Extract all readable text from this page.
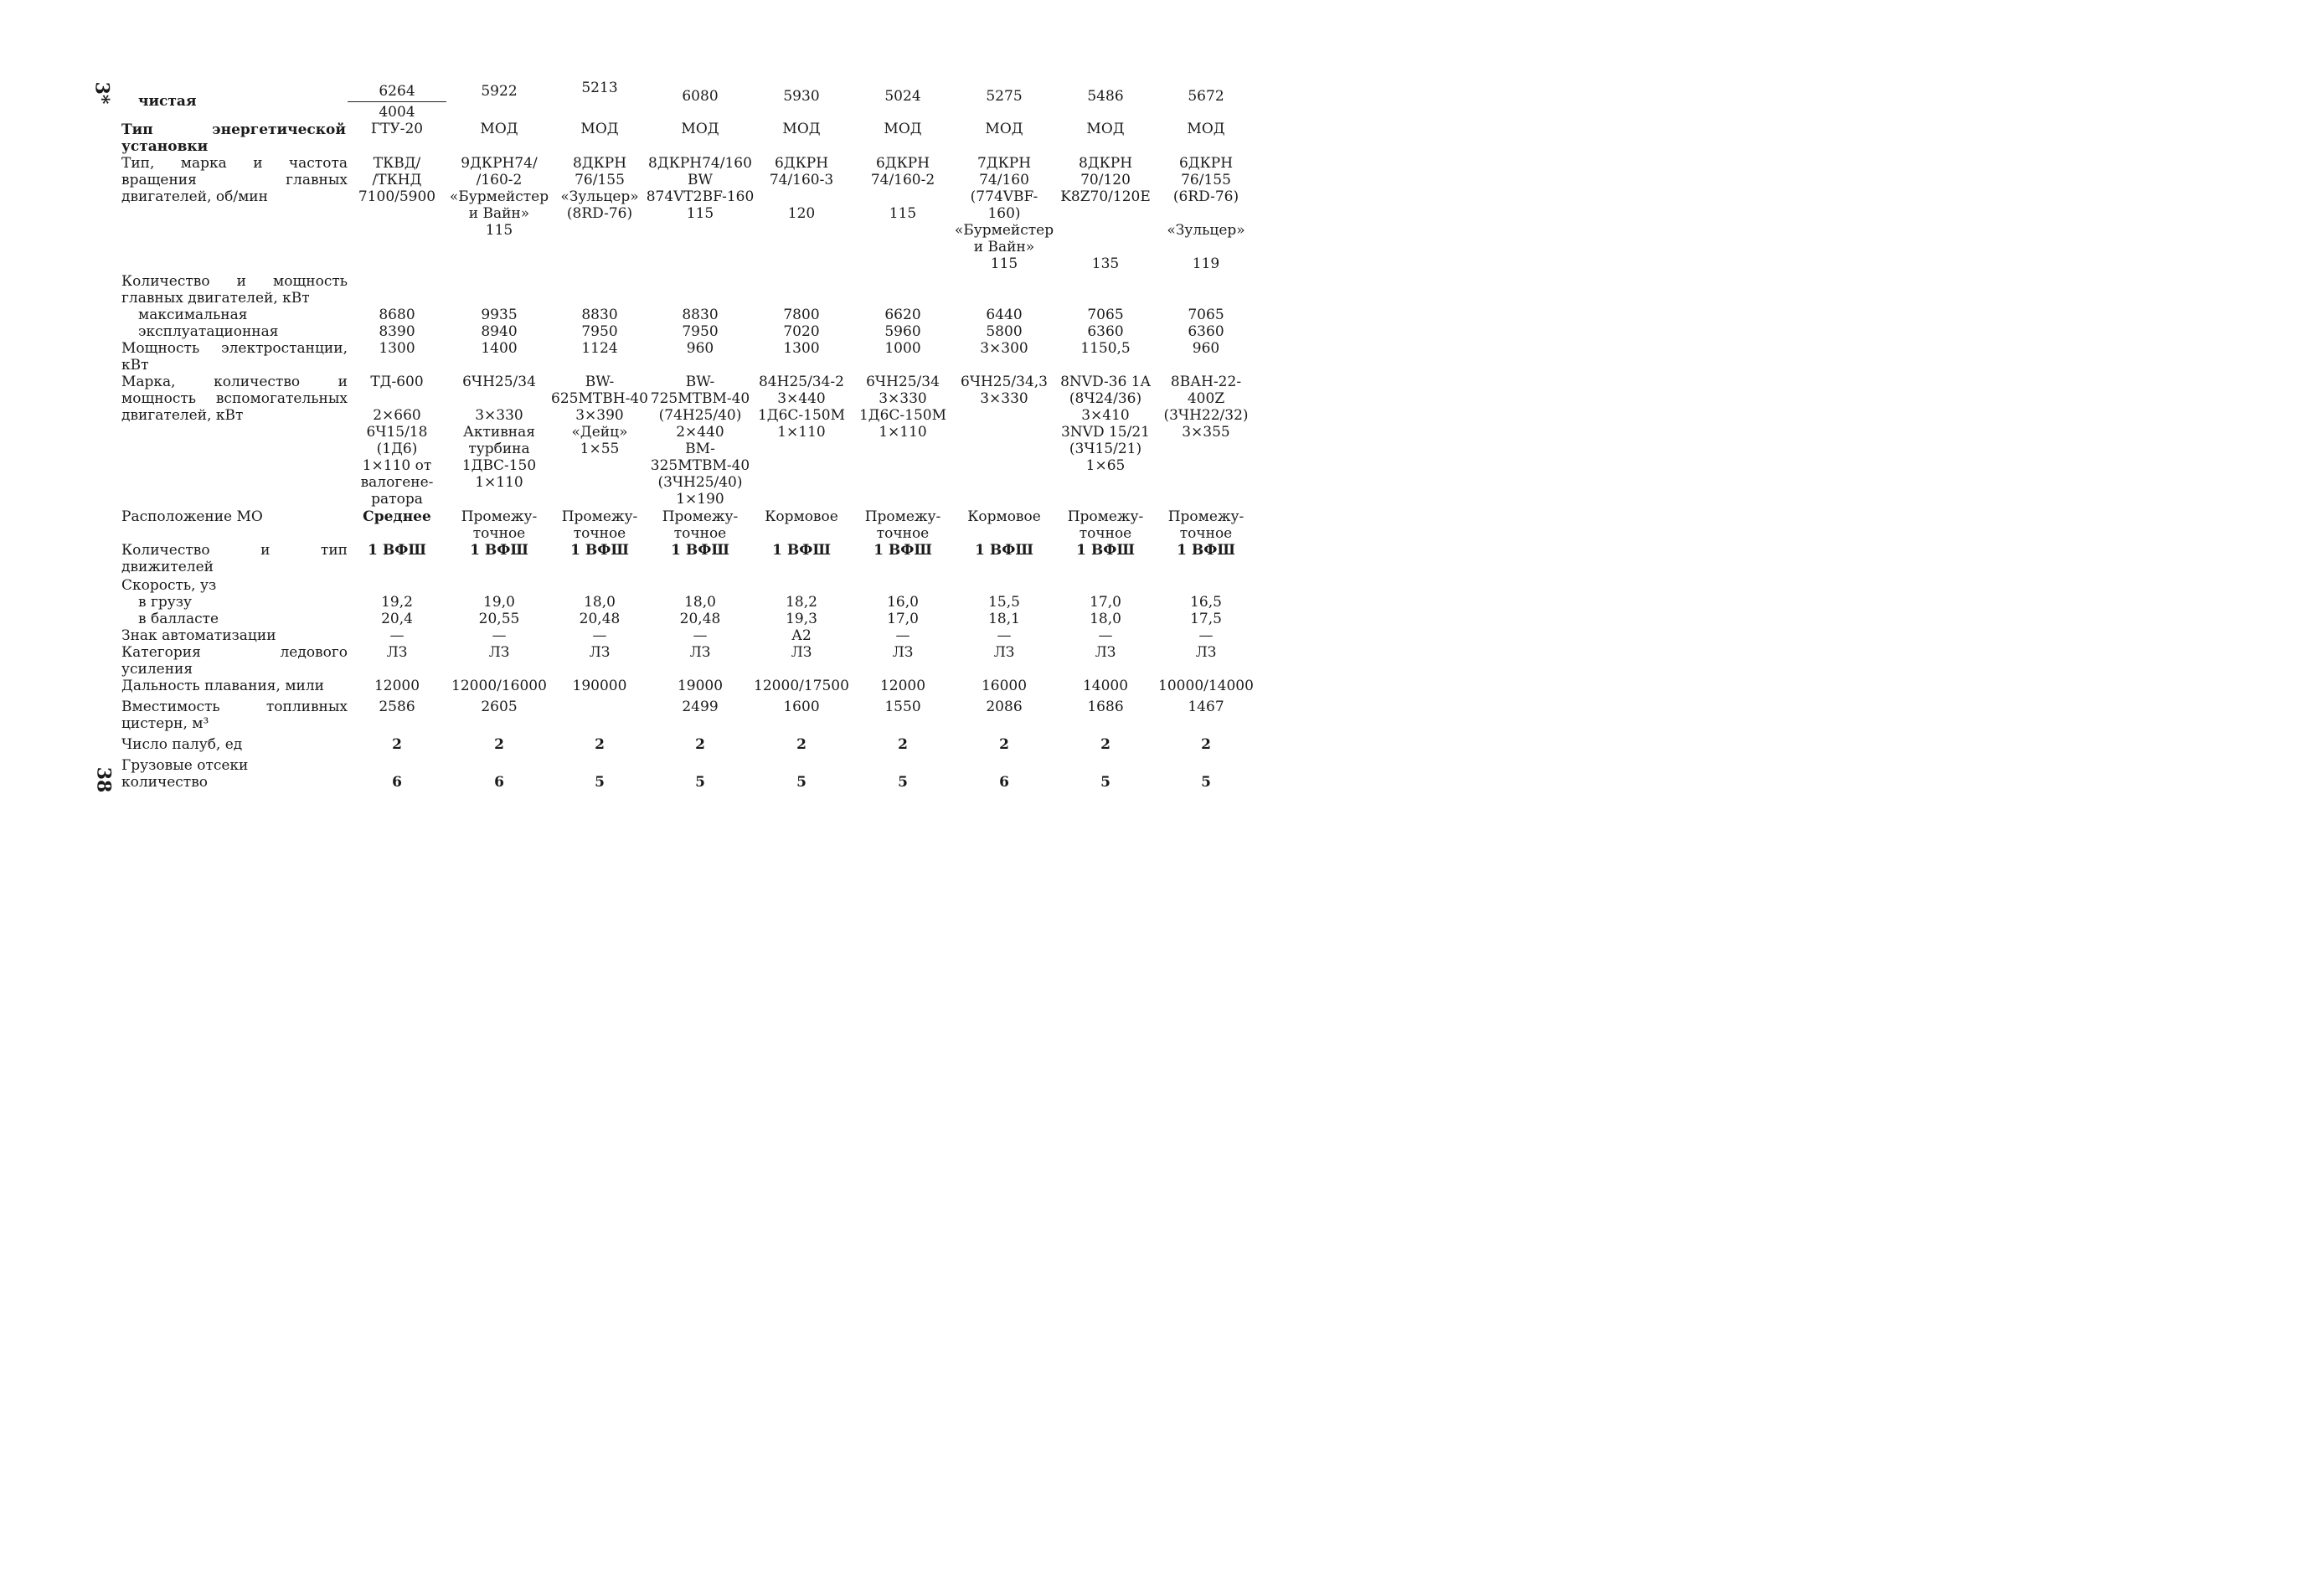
3*
38
чистая
Тип энергетической установки
Тип, марка и частота вращения главных двигателей, об/мин
Количество и мощность главных двигателей, кВт
максимальная
эксплуатационная
Мощность электростанции, кВт
Марка, количество и мощность вспомогательных двигателей, кВт
Расположение МО
Количество и тип движителей
Скорость, уз
в грузу
в балласте
Знак автоматизации
Категория ледового усиления
Дальность плавания, мили
Вместимость топливных цистерн, м³
Число палуб, ед
Грузовые отсеки
количество
6264
4004
ГТУ-20
ТКВД/
/ТКНД
7100/5900
8680
8390
1300
ТД-600

2×660
6Ч15/18
(1Д6)
1×110 от
валогене-
ратора
Среднее
1 ВФШ
19,2
20,4
—
ЛЗ
12000
2586
2
6
5922
МОД
9ДКРН74/
/160-2
«Бурмейстер
и Вайн»
115
9935
8940
1400
6ЧН25/34

3×330
Активная
турбина
1ДВС-150
1×110
Промежу-
точное
1 ВФШ
19,0
20,55
—
ЛЗ
12000/16000
2605
2
6
5213
МОД
8ДКРН
76/155
«Зульцер»
(8RD-76)
8830
7950
1124
BW-
625MTBH-40
3×390
«Дейц»
1×55
Промежу-
точное
1 ВФШ
18,0
20,48
—
ЛЗ
190000
2
5
6080
МОД
8ДКРН74/160
BW
874VT2BF-160
115
8830
7950
960
BW-
725MTBM-40
(74Н25/40)
2×440
BM-
325MTBM-40
(3ЧН25/40)
1×190
Промежу-
точное
1 ВФШ
18,0
20,48
—
ЛЗ
19000
2499
2
5
5930
МОД
6ДКРН
74/160-3

120
7800
7020
1300
84Н25/34-2
3×440
1Д6С-150М
1×110
Кормовое
1 ВФШ
18,2
19,3
А2
ЛЗ
12000/17500
1600
2
5
5024
МОД
6ДКРН
74/160-2

115
6620
5960
1000
6ЧН25/34
3×330
1Д6С-150М
1×110
Промежу-
точное
1 ВФШ
16,0
17,0
—
ЛЗ
12000
1550
2
5
5275
МОД
7ДКРН
74/160
(774VBF-
160)
«Бурмейстер
и Вайн»
115
6440
5800
3×300
6ЧН25/34,3
3×330
Кормовое
1 ВФШ
15,5
18,1
—
ЛЗ
16000
2086
2
6
5486
МОД
8ДКРН
70/120
K8Z70/120E

135
7065
6360
1150,5
8NVD-36 1A
(8Ч24/36)
3×410
3NVD 15/21
(3Ч15/21)
1×65
Промежу-
точное
1 ВФШ
17,0
18,0
—
ЛЗ
14000
1686
2
5
5672
МОД
6ДКРН
76/155
(6RD-76)

«Зульцер»

119
7065
6360
960
8ВАН-22-
400Z
(3ЧН22/32)
3×355
Промежу-
точное
1 ВФШ
16,5
17,5
—
ЛЗ
10000/14000
1467
2
5
